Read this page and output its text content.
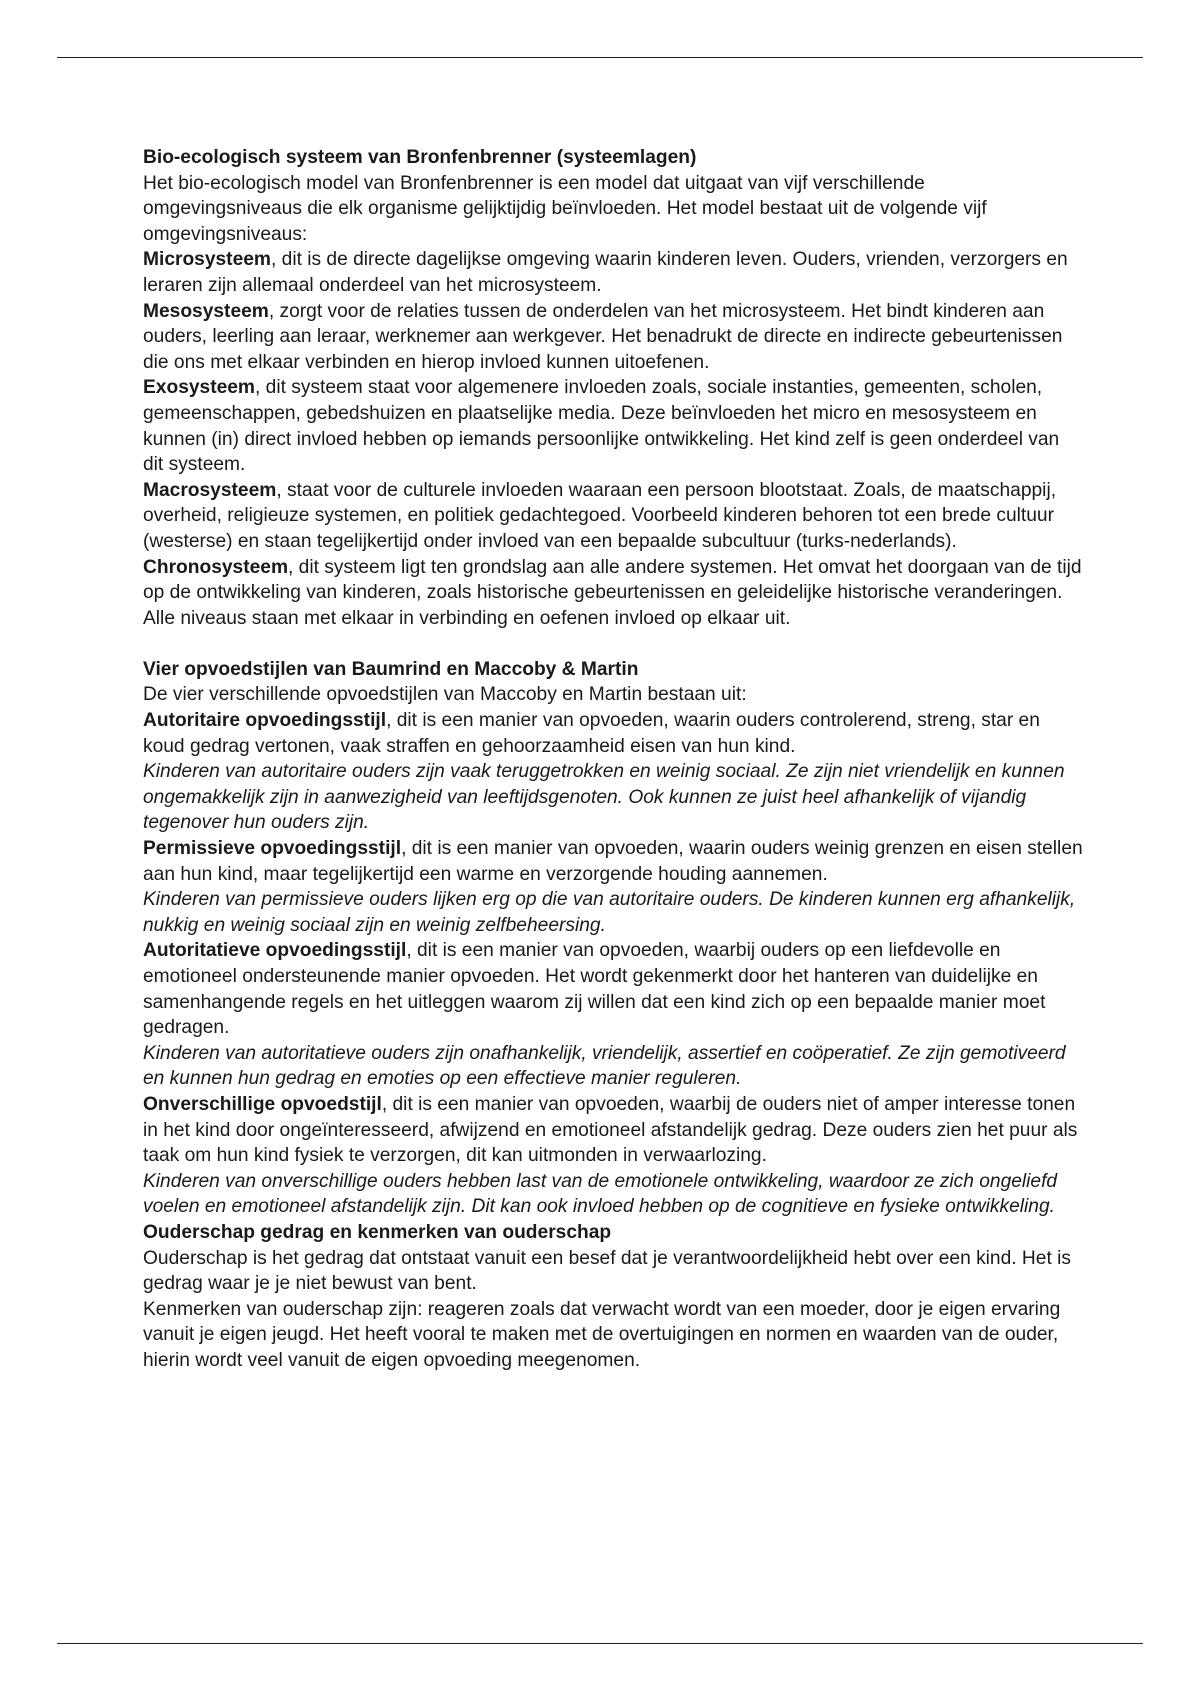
Bio-ecologisch systeem van Bronfenbrenner (systeemlagen)

Het bio-ecologisch model van Bronfenbrenner is een model dat uitgaat van vijf verschillende omgevingsniveaus die elk organisme gelijktijdig beïnvloeden. Het model bestaat uit de volgende vijf omgevingsniveaus:

Microsysteem, dit is de directe dagelijkse omgeving waarin kinderen leven. Ouders, vrienden, verzorgers en leraren zijn allemaal onderdeel van het microsysteem.

Mesosysteem, zorgt voor de relaties tussen de onderdelen van het microsysteem. Het bindt kinderen aan ouders, leerling aan leraar, werknemer aan werkgever. Het benadrukt de directe en indirecte gebeurtenissen die ons met elkaar verbinden en hierop invloed kunnen uitoefenen.

Exosysteem, dit systeem staat voor algemenere invloeden zoals, sociale instanties, gemeenten, scholen, gemeenschappen, gebedshuizen en plaatselijke media. Deze beïnvloeden het micro en mesosysteem en kunnen (in) direct invloed hebben op iemands persoonlijke ontwikkeling. Het kind zelf is geen onderdeel van dit systeem.

Macrosysteem, staat voor de culturele invloeden waaraan een persoon blootstaat. Zoals, de maatschappij, overheid, religieuze systemen, en politiek gedachtegoed. Voorbeeld kinderen behoren tot een brede cultuur (westerse) en staan tegelijkertijd onder invloed van een bepaalde subcultuur (turks-nederlands).

Chronosysteem, dit systeem ligt ten grondslag aan alle andere systemen. Het omvat het doorgaan van de tijd op de ontwikkeling van kinderen, zoals historische gebeurtenissen en geleidelijke historische veranderingen.

Alle niveaus staan met elkaar in verbinding en oefenen invloed op elkaar uit.

Vier opvoedstijlen van Baumrind en Maccoby & Martin

De vier verschillende opvoedstijlen van Maccoby en Martin bestaan uit:

Autoritaire opvoedingsstijl, dit is een manier van opvoeden, waarin ouders controlerend, streng, star en koud gedrag vertonen, vaak straffen en gehoorzaamheid eisen van hun kind.

Kinderen van autoritaire ouders zijn vaak teruggetrokken en weinig sociaal. Ze zijn niet vriendelijk en kunnen ongemakkelijk zijn in aanwezigheid van leeftijdsgenoten. Ook kunnen ze juist heel afhankelijk of vijandig tegenover hun ouders zijn.

Permissieve opvoedingsstijl, dit is een manier van opvoeden, waarin ouders weinig grenzen en eisen stellen aan hun kind, maar tegelijkertijd een warme en verzorgende houding aannemen.

Kinderen van permissieve ouders lijken erg op die van autoritaire ouders. De kinderen kunnen erg afhankelijk, nukkig en weinig sociaal zijn en weinig zelfbeheersing.

Autoritatieve opvoedingsstijl, dit is een manier van opvoeden, waarbij ouders op een liefdevolle en emotioneel ondersteunende manier opvoeden. Het wordt gekenmerkt door het hanteren van duidelijke en samenhangende regels en het uitleggen waarom zij willen dat een kind zich op een bepaalde manier moet gedragen.

Kinderen van autoritatieve ouders zijn onafhankelijk, vriendelijk, assertief en coöperatief. Ze zijn gemotiveerd en kunnen hun gedrag en emoties op een effectieve manier reguleren.

Onverschillige opvoedstijl, dit is een manier van opvoeden, waarbij de ouders niet of amper interesse tonen in het kind door ongeïnteresseerd, afwijzend en emotioneel afstandelijk gedrag. Deze ouders zien het puur als taak om hun kind fysiek te verzorgen, dit kan uitmonden in verwaarlozing.

Kinderen van onverschillige ouders hebben last van de emotionele ontwikkeling, waardoor ze zich ongeliefd voelen en emotioneel afstandelijk zijn. Dit kan ook invloed hebben op de cognitieve en fysieke ontwikkeling.

Ouderschap gedrag en kenmerken van ouderschap

Ouderschap is het gedrag dat ontstaat vanuit een besef dat je verantwoordelijkheid hebt over een kind. Het is gedrag waar je je niet bewust van bent.

Kenmerken van ouderschap zijn: reageren zoals dat verwacht wordt van een moeder, door je eigen ervaring vanuit je eigen jeugd. Het heeft vooral te maken met de overtuigingen en normen en waarden van de ouder, hierin wordt veel vanuit de eigen opvoeding meegenomen.
